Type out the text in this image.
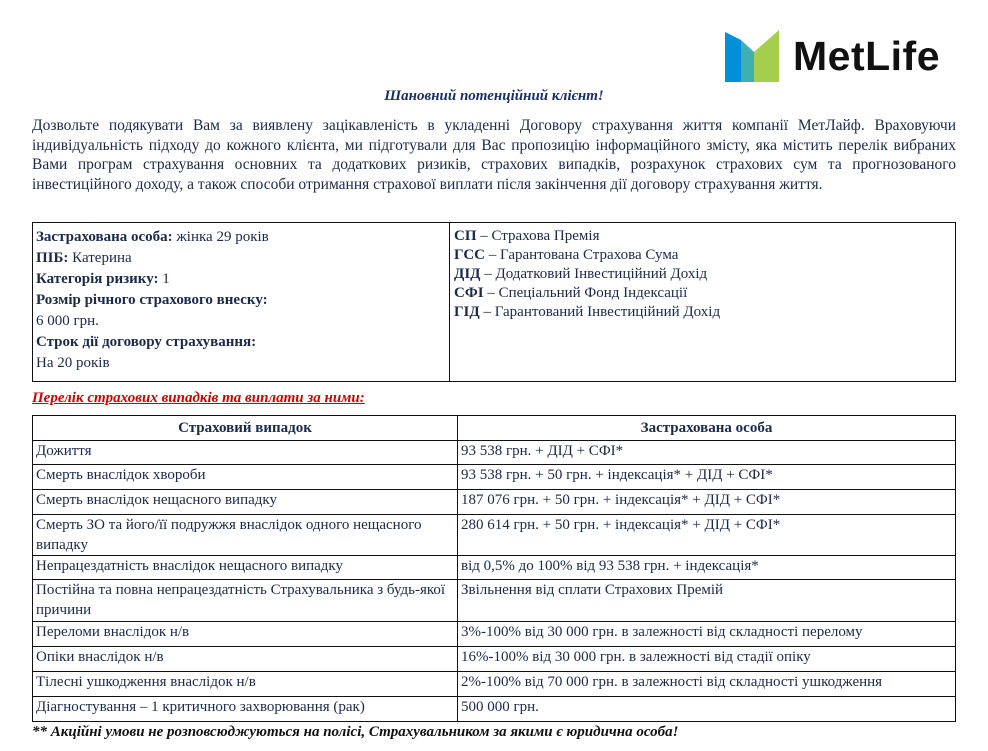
MetLife
Шановний потенційний клієнт!

Дозвольте подякувати Вам за виявлену зацікавленість в укладенні Договору страхування життя компанії МетЛайф. Враховуючи індивідуальність підходу до кожного клієнта, ми підготували для Вас пропозицію інформаційного змісту, яка містить перелік вибраних Вами програм страхування основних та додаткових ризиків, страхових випадків, розрахунок страхових сум та прогнозованого інвестиційного доходу, а також способи отримання страхової виплати після закінчення дії договору страхування життя.

Застрахована особа: жінка 29 років
ПІБ: Катерина
Категорія ризику: 1
Розмір річного страхового внеску:
6 000 грн.
Строк дії договору страхування:
На 20 років
СП – Страхова Премія
ГСС – Гарантована Страхова Сума
ДІД – Додатковий Інвестиційний Дохід
СФІ – Спеціальний Фонд Індексації
ГІД – Гарантований Інвестиційний Дохід
Перелік страхових випадків та виплати за ними:
Страховий випадок	Застрахована особа
Дожиття	93 538 грн. + ДІД + СФІ*
Смерть внаслідок хвороби	93 538 грн. + 50 грн. + індексація* + ДІД + СФІ*
Смерть внаслідок нещасного випадку	187 076 грн. + 50 грн. + індексація* + ДІД + СФІ*
Смерть ЗО та його/її подружжя внаслідок одного нещасного випадку	280 614 грн. + 50 грн. + індексація* + ДІД + СФІ*
Непрацездатність внаслідок нещасного випадку	від 0,5% до 100% від 93 538 грн. + індексація*
Постійна та повна непрацездатність Страхувальника з будь-якої причини	Звільнення від сплати Страхових Премій
Переломи внаслідок н/в	3%-100% від 30 000 грн. в залежності від складності перелому
Опіки внаслідок н/в	16%-100% від 30 000 грн. в залежності від стадії опіку
Тілесні ушкодження внаслідок н/в	2%-100% від 70 000 грн. в залежності від складності ушкодження
Діагностування – 1 критичного захворювання (рак)	500 000 грн.
** Акційні умови не розповсюджуються на полісі, Страхувальником за якими є юридична особа!
